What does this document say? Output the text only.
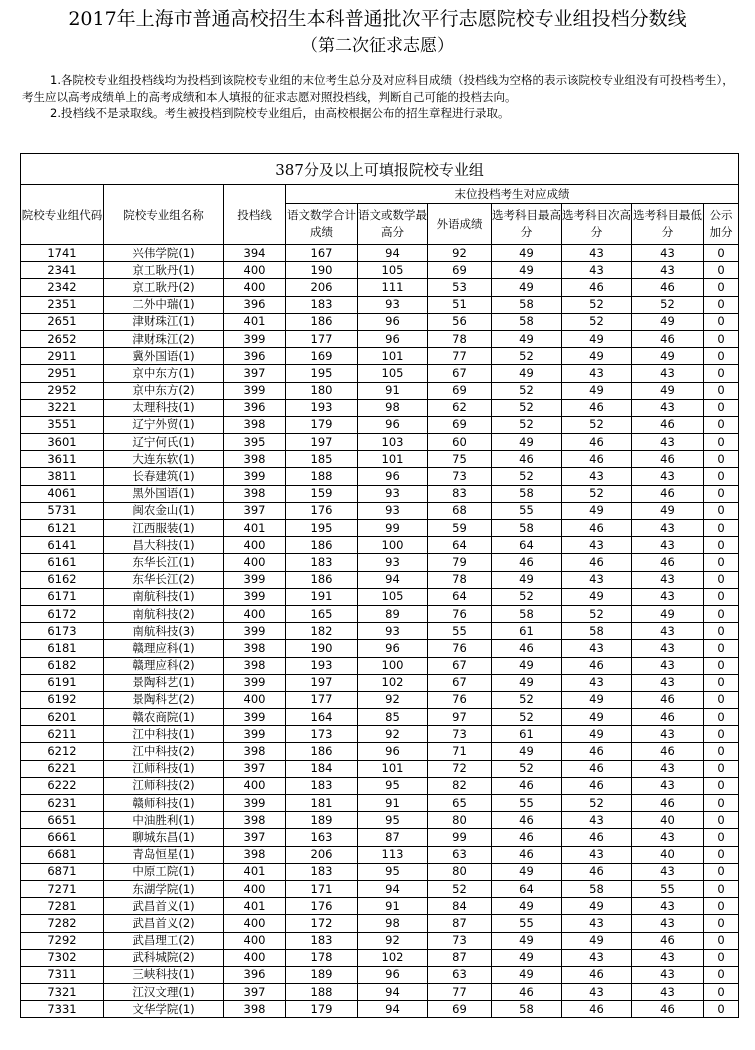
2017年上海市普通高校招生本科普通批次平行志愿院校专业组投档分数线
（第二次征求志愿）

1.各院校专业组投档线均为投档到该院校专业组的末位考生总分及对应科目成绩（投档线为空格的表示该院校专业组没有可投档考生），考生应以高考成绩单上的高考成绩和本人填报的征求志愿对照投档线，判断自己可能的投档去向。

2.投档线不是录取线。考生被投档到院校专业组后，由高校根据公布的招生章程进行录取。

387分及以上可填报院校专业组									
院校专业组代码	院校专业组名称	投档线	末位投档考生对应成绩						
			语文数学合计成绩	语文或数学最高分	外语成绩	选考科目最高分	选考科目次高分	选考科目最低分	公示加分
1741	兴伟学院(1)	394	167	94	92	49	43	43	0
2341	京工耿丹(1)	400	190	105	69	49	43	43	0
2342	京工耿丹(2)	400	206	111	53	49	46	46	0
2351	二外中瑞(1)	396	183	93	51	58	52	52	0
2651	津财珠江(1)	401	186	96	56	58	52	49	0
2652	津财珠江(2)	399	177	96	78	49	49	46	0
2911	冀外国语(1)	396	169	101	77	52	49	49	0
2951	京中东方(1)	397	195	105	67	49	43	43	0
2952	京中东方(2)	399	180	91	69	52	49	49	0
3221	太理科技(1)	396	193	98	62	52	46	43	0
3551	辽宁外贸(1)	398	179	96	69	52	52	46	0
3601	辽宁何氏(1)	395	197	103	60	49	46	43	0
3611	大连东软(1)	398	185	101	75	46	46	46	0
3811	长春建筑(1)	399	188	96	73	52	43	43	0
4061	黑外国语(1)	398	159	93	83	58	52	46	0
5731	闽农金山(1)	397	176	93	68	55	49	49	0
6121	江西服装(1)	401	195	99	59	58	46	43	0
6141	昌大科技(1)	400	186	100	64	64	43	43	0
6161	东华长江(1)	400	183	93	79	46	46	46	0
6162	东华长江(2)	399	186	94	78	49	43	43	0
6171	南航科技(1)	399	191	105	64	52	49	43	0
6172	南航科技(2)	400	165	89	76	58	52	49	0
6173	南航科技(3)	399	182	93	55	61	58	43	0
6181	赣理应科(1)	398	190	96	76	46	43	43	0
6182	赣理应科(2)	398	193	100	67	49	46	43	0
6191	景陶科艺(1)	399	197	102	67	49	43	43	0
6192	景陶科艺(2)	400	177	92	76	52	49	46	0
6201	赣农商院(1)	399	164	85	97	52	49	46	0
6211	江中科技(1)	399	173	92	73	61	49	43	0
6212	江中科技(2)	398	186	96	71	49	46	46	0
6221	江师科技(1)	397	184	101	72	52	46	43	0
6222	江师科技(2)	400	183	95	82	46	46	43	0
6231	赣师科技(1)	399	181	91	65	55	52	46	0
6651	中油胜利(1)	398	189	95	80	46	43	40	0
6661	聊城东昌(1)	397	163	87	99	46	46	43	0
6681	青岛恒星(1)	398	206	113	63	46	43	40	0
6871	中原工院(1)	401	183	95	80	49	46	43	0
7271	东湖学院(1)	400	171	94	52	64	58	55	0
7281	武昌首义(1)	401	176	91	84	49	49	43	0
7282	武昌首义(2)	400	172	98	87	55	43	43	0
7292	武昌理工(2)	400	183	92	73	49	49	46	0
7302	武科城院(2)	400	178	102	87	49	43	43	0
7311	三峡科技(1)	396	189	96	63	49	46	43	0
7321	江汉文理(1)	397	188	94	77	46	43	43	0
7331	文华学院(1)	398	179	94	69	58	46	46	0
